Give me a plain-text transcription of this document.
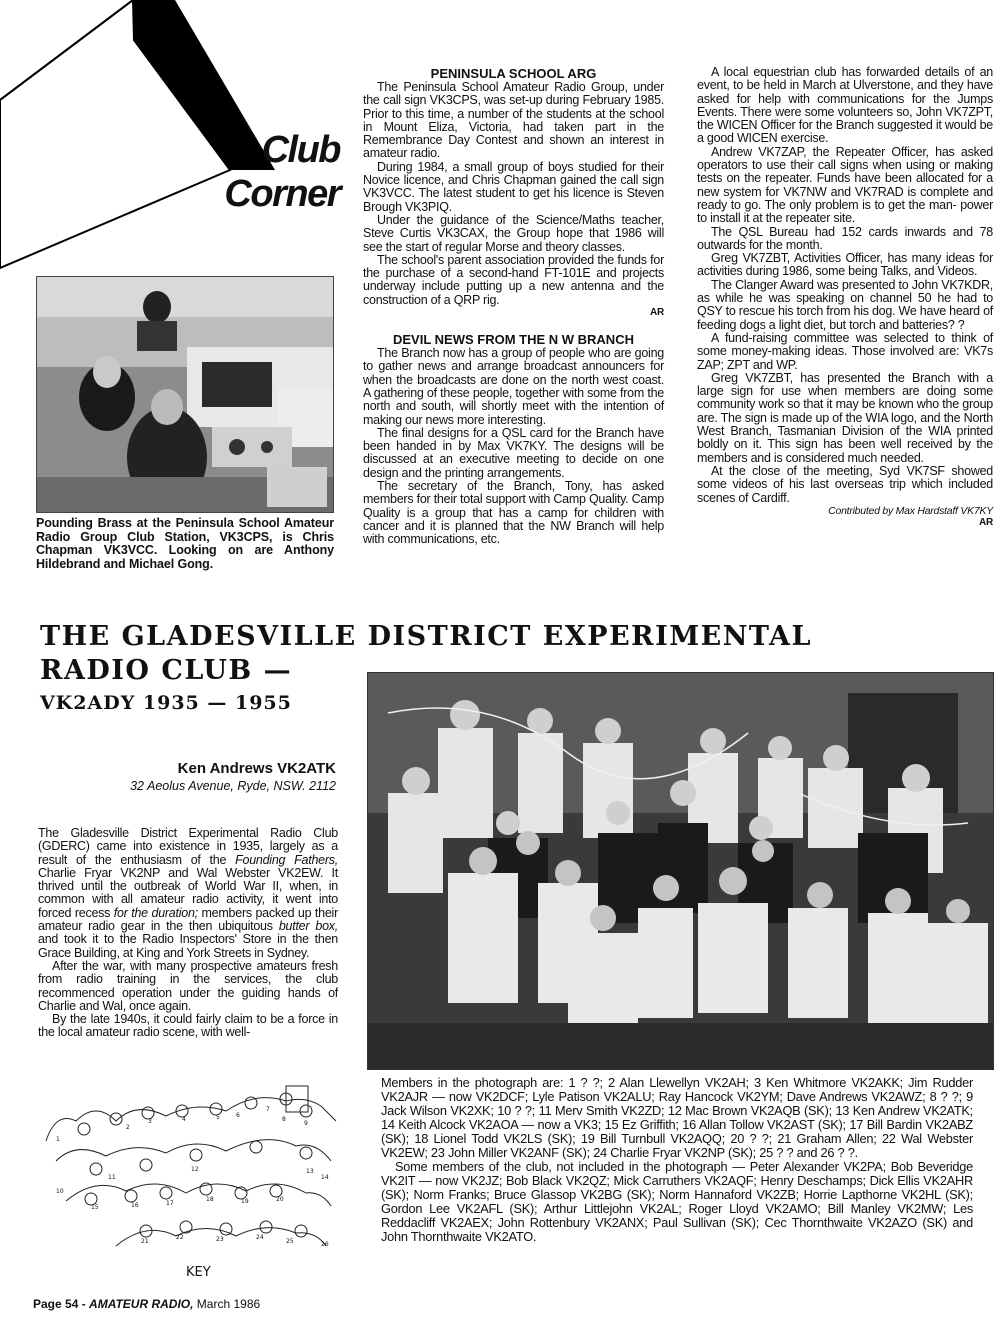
Club
Corner
Pounding Brass at the Peninsula School Amateur Radio Group Club Station, VK3CPS, is Chris Chapman VK3VCC. Looking on are Anthony Hildebrand and Michael Gong.
PENINSULA SCHOOL ARG

The Peninsula School Amateur Radio Group, under the call sign VK3CPS, was set-up during February 1985. Prior to this time, a number of the students at the school in Mount Eliza, Victoria, had taken part in the Remembrance Day Contest and shown an interest in amateur radio.

During 1984, a small group of boys studied for their Novice licence, and Chris Chapman gained the call sign VK3VCC. The latest student to get his licence is Steven Brough VK3PIQ.

Under the guidance of the Science/Maths teacher, Steve Curtis VK3CAX, the Group hope that 1986 will see the start of regular Morse and theory classes.

The school's parent association provided the funds for the purchase of a second-hand FT-101E and projects underway include putting up a new antenna and the construction of a QRP rig.

AR
DEVIL NEWS FROM THE N W BRANCH

The Branch now has a group of people who are going to gather news and arrange broadcast announcers for when the broadcasts are done on the north west coast. A gathering of these people, together with some from the north and south, will shortly meet with the intention of making our news more interesting.

The final designs for a QSL card for the Branch have been handed in by Max VK7KY. The designs will be discussed at an executive meeting to decide on one design and the printing arrangements.

The secretary of the Branch, Tony, has asked members for their total support with Camp Quality. Camp Quality is a group that has a camp for children with cancer and it is planned that the NW Branch will help with communications, etc.

A local equestrian club has forwarded details of an event, to be held in March at Ulverstone, and they have asked for help with communications for the Jumps Events. There were some volunteers so, John VK7ZPT, the WICEN Officer for the Branch suggested it would be a good WICEN exercise.

Andrew VK7ZAP, the Repeater Officer, has asked operators to use their call signs when using or making tests on the repeater. Funds have been allocated for a new system for VK7NW and VK7RAD is complete and ready to go. The only problem is to get the man- power to install it at the repeater site.

The QSL Bureau had 152 cards inwards and 78 outwards for the month.

Greg VK7ZBT, Activities Officer, has many ideas for activities during 1986, some being Talks, and Videos.

The Clanger Award was presented to John VK7KDR, as while he was speaking on channel 50 he had to QSY to rescue his torch from his dog. We have heard of feeding dogs a light diet, but torch and batteries? ?

A fund-raising committee was selected to think of some money-making ideas. Those involved are: VK7s ZAP; ZPT and WP.

Greg VK7ZBT, has presented the Branch with a large sign for use when members are doing some community work so that it may be known who the group are. The sign is made up of the WIA logo, and the North West Branch, Tasmanian Division of the WIA printed boldly on it. This sign has been well received by the members and is considered much needed.

At the close of the meeting, Syd VK7SF showed some videos of his last overseas trip which included scenes of Cardiff.

Contributed by Max Hardstaff VK7KY
AR
THE GLADESVILLE DISTRICT EXPERIMENTAL
RADIO CLUB —
VK2ADY 1935 — 1955
Ken Andrews VK2ATK
32 Aeolus Avenue, Ryde, NSW. 2112

The Gladesville District Experimental Radio Club (GDERC) came into existence in 1935, largely as a result of the enthusiasm of the Founding Fathers, Charlie Fryar VK2NP and Wal Webster VK2EW. It thrived until the outbreak of World War II, when, in common with all amateur radio activity, it went into forced recess for the duration; members packed up their amateur radio gear in the then ubiquitous butter box, and took it to the Radio Inspectors' Store in the then Grace Building, at King and York Streets in Sydney.

After the war, with many prospective amateurs fresh from radio training in the services, the club recommenced operation under the guiding hands of Charlie and Wal, once again.

By the late 1940s, it could fairly claim to be a force in the local amateur radio scene, with well-

Members in the photograph are: 1 ? ?; 2 Alan Llewellyn VK2AH; 3 Ken Whitmore VK2AKK; Jim Rudder VK2AJR — now VK2DCF; Lyle Patison VK2ALU; Ray Hancock VK2YM; Dave Andrews VK2AWZ; 8 ? ?; 9 Jack Wilson VK2XK; 10 ? ?; 11 Merv Smith VK2ZD; 12 Mac Brown VK2AQB (SK); 13 Ken Andrew VK2ATK; 14 Keith Alcock VK2AOA — now a VK3; 15 Ez Griffith; 16 Allan Tollow VK2AST (SK); 17 Bill Bardin VK2ABZ (SK); 18 Lionel Todd VK2LS (SK); 19 Bill Turnbull VK2AQQ; 20 ? ?; 21 Graham Allen; 22 Wal Webster VK2EW; 23 John Miller VK2ANF (SK); 24 Charlie Fryar VK2NP (SK); 25 ? ? and 26 ? ?.

Some members of the club, not included in the photograph — Peter Alexander VK2PA; Bob Beveridge VK2IT — now VK2JZ; Bob Black VK2QZ; Mick Carruthers VK2AQF; Henry Deschamps; Dick Ellis VK2AHR (SK); Norm Franks; Bruce Glassop VK2BG (SK); Norm Hannaford VK2ZB; Horrie Lapthorne VK2HL (SK); Gordon Lee VK2AFL (SK); Arthur Littlejohn VK2AL; Roger Lloyd VK2AMO; Bill Manley VK2MW; Les Reddacliff VK2AEX; John Rottenbury VK2ANX; Paul Sullivan (SK); Cec Thornthwaite VK2AZO (SK) and John Thornthwaite VK2ATO.

1
2
3	4	5	6
7
8
9
10
11
12	13
14
15	16	17
18	19	20
21
22	23	24
25	26
KEY
Page 54 - AMATEUR RADIO, March 1986
